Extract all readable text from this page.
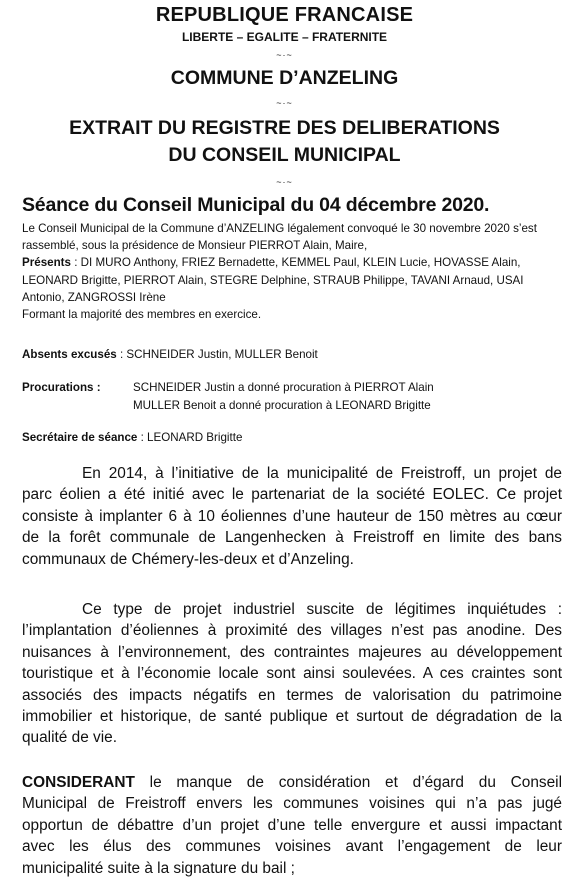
REPUBLIQUE FRANCAISE
LIBERTE – EGALITE – FRATERNITE
~·~
COMMUNE D’ANZELING
~·~
EXTRAIT DU REGISTRE DES DELIBERATIONS
DU CONSEIL MUNICIPAL
~·~
Séance du Conseil Municipal du 04 décembre 2020.
Le Conseil Municipal de la Commune d’ANZELING légalement convoqué le 30 novembre 2020 s’est
rassemblé, sous la présidence de Monsieur PIERROT Alain, Maire,
Présents : DI MURO Anthony, FRIEZ Bernadette, KEMMEL Paul, KLEIN Lucie, HOVASSE Alain,
LEONARD Brigitte, PIERROT Alain, STEGRE Delphine, STRAUB Philippe, TAVANI Arnaud, USAI
Antonio, ZANGROSSI Irène
Formant la majorité des membres en exercice.
Absents excusés : SCHNEIDER Justin, MULLER Benoit
Procurations :	SCHNEIDER Justin a donné procuration à PIERROT Alain
MULLER Benoit a donné procuration à LEONARD Brigitte
Secrétaire de séance : LEONARD Brigitte
En 2014, à l’initiative de la municipalité de Freistroff, un projet de
parc éolien a été initié avec le partenariat de la société EOLEC. Ce projet
consiste à implanter 6 à 10 éoliennes d’une hauteur de 150 mètres au cœur
de la forêt communale de Langenhecken à Freistroff en limite des bans
communaux de Chémery-les-deux et d’Anzeling.
Ce type de projet industriel suscite de légitimes inquiétudes :
l’implantation d’éoliennes à proximité des villages n’est pas anodine. Des
nuisances à l’environnement, des contraintes majeures au développement
touristique et à l’économie locale sont ainsi soulevées. A ces craintes sont
associés des impacts négatifs en termes de valorisation du patrimoine
immobilier et historique, de santé publique et surtout de dégradation de la
qualité de vie.
CONSIDERANT le manque de considération et d’égard du Conseil
Municipal de Freistroff envers les communes voisines qui n’a pas jugé
opportun de débattre d’un projet d’une telle envergure et aussi impactant
avec les élus des communes voisines avant l’engagement de leur
municipalité suite à la signature du bail ;
